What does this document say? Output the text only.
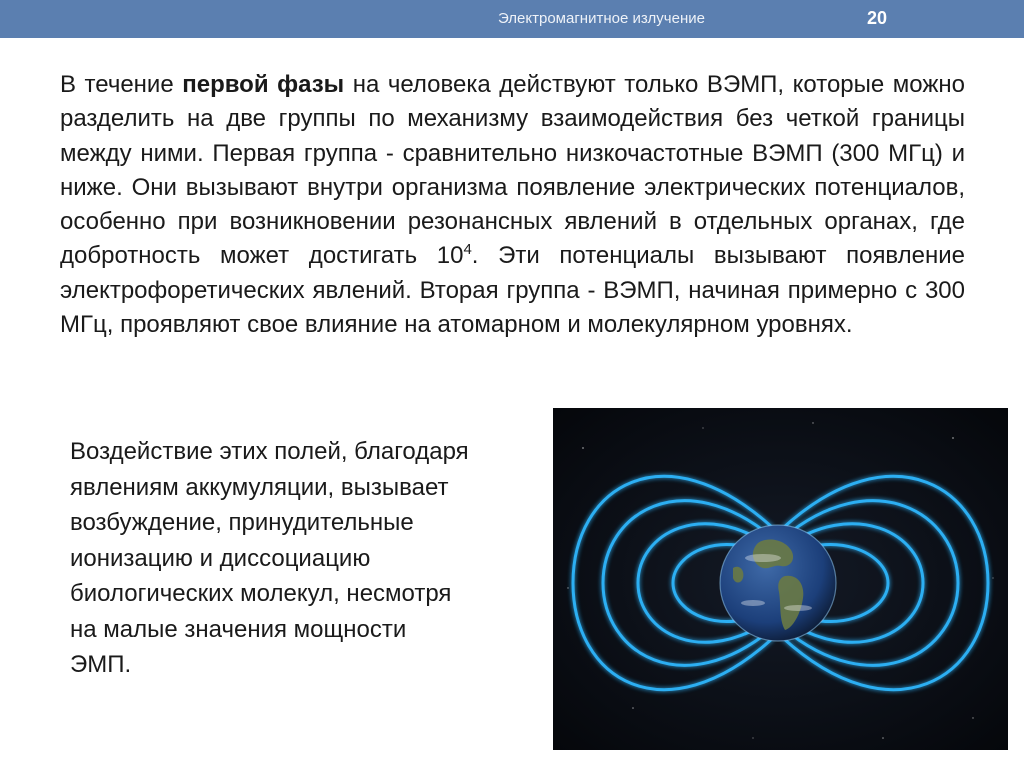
Электромагнитное излучение	20

В течение первой фазы на человека действуют только ВЭМП, которые можно разделить на две группы по механизму взаимодействия без четкой границы между ними. Первая группа - сравнительно низкочастотные ВЭМП (300 МГц) и ниже. Они вызывают внутри организма появление электрических потенциалов, особенно при возникновении резонансных явлений в отдельных органах, где добротность может достигать $10^4$. Эти потенциалы вызывают появление электрофоретических явлений. Вторая группа - ВЭМП, начиная примерно с 300 МГц, проявляют свое влияние на атомарном и молекулярном уровнях.

Воздействие этих полей, благодаря
явлениям аккумуляции, вызывает
возбуждение, принудительные
ионизацию и диссоциацию
биологических молекул, несмотря
на малые значения мощности
ЭМП.
